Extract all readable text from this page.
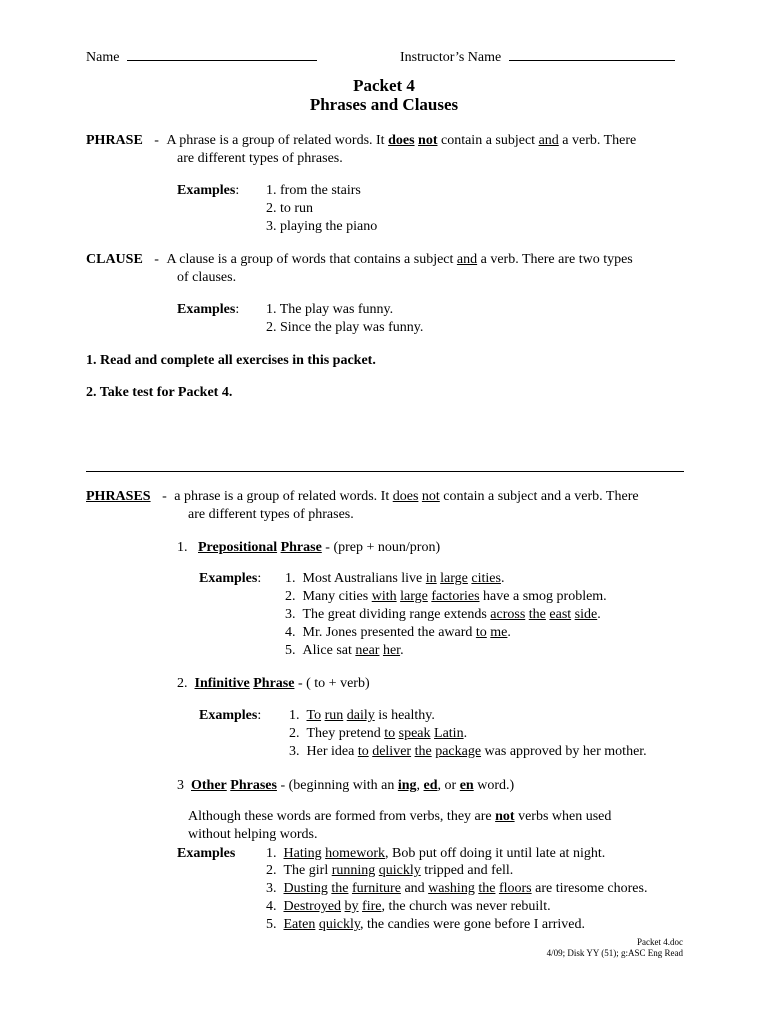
Name	Instructor’s Name
Packet 4
Phrases and Clauses
PHRASE - A phrase is a group of related words. It does not contain a subject and a verb. There
are different types of phrases.
Examples: 1. from the stairs
2. to run
3. playing the piano
CLAUSE - A clause is a group of words that contains a subject and a verb. There are two types
of clauses.
Examples: 1. The play was funny.
2. Since the play was funny.
1. Read and complete all exercises in this packet.
2. Take test for Packet 4.
PHRASES - a phrase is a group of related words. It does not contain a subject and a verb. There
are different types of phrases.
1. Prepositional Phrase - (prep + noun/pron)
Examples: 1. Most Australians live in large cities.
2. Many cities with large factories have a smog problem.
3. The great dividing range extends across the east side.
4. Mr. Jones presented the award to me.
5. Alice sat near her.
2. Infinitive Phrase - ( to + verb)
Examples: 1. To run daily is healthy.
2. They pretend to speak Latin.
3. Her idea to deliver the package was approved by her mother.
3 Other Phrases - (beginning with an ing, ed, or en word.)
Although these words are formed from verbs, they are not verbs when used
without helping words.
Examples 1. Hating homework, Bob put off doing it until late at night.
2. The girl running quickly tripped and fell.
3. Dusting the furniture and washing the floors are tiresome chores.
4. Destroyed by fire, the church was never rebuilt.
5. Eaten quickly, the candies were gone before I arrived.
Packet 4.doc
4/09; Disk YY (51); g:ASC Eng Read
